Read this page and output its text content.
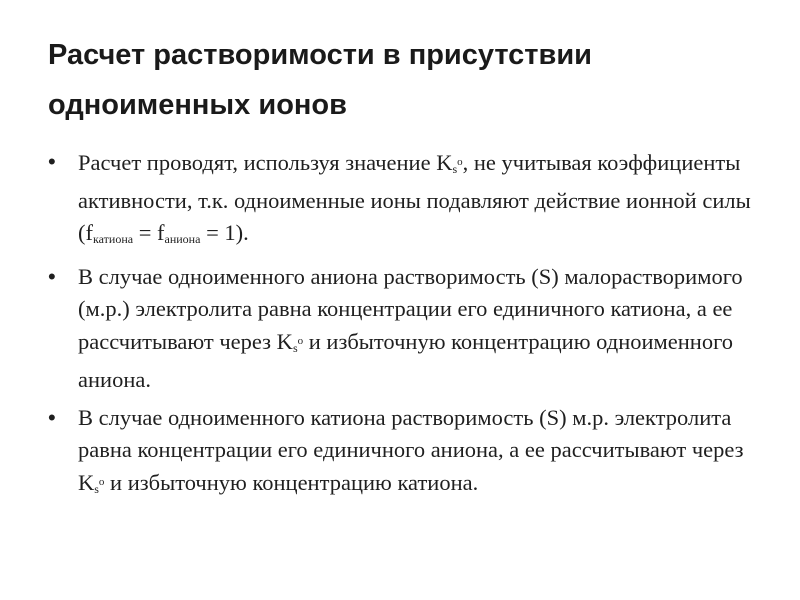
Расчет растворимости в присутствии
одноименных ионов
• Расчет проводят, используя значение $K_s^o$, не учитывая коэффициенты активности, т.к. одноименные ионы подавляют действие ионной силы $(f_{катиона} = f_{аниона} = 1)$.
• В случае одноименного аниона растворимость (S) малорастворимого (м.р.) электролита равна концентрации его единичного катиона, а ее рассчитывают через $K_s^o$ и избыточную концентрацию одноименного аниона.
• В случае одноименного катиона растворимость (S) м.р. электролита равна концентрации его единичного аниона, а ее рассчитывают через $K_s^o$ и избыточную концентрацию катиона.
